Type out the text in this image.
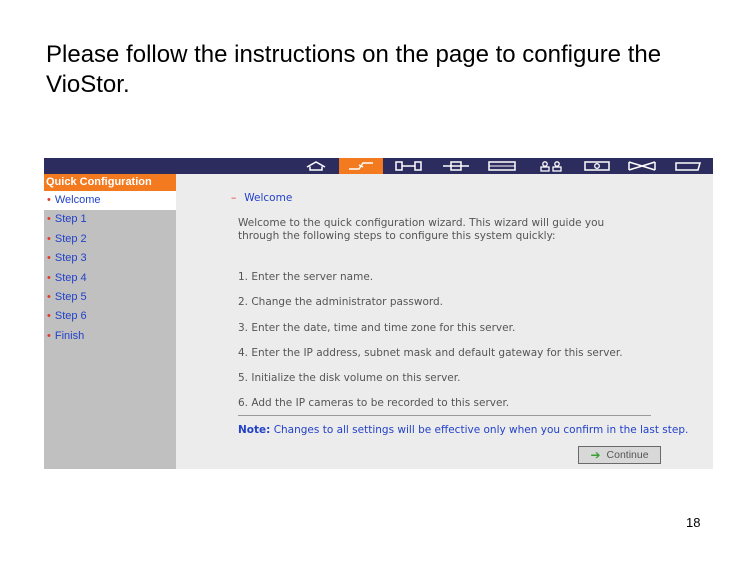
Please follow the instructions on the page to configure the VioStor.
Quick Configuration
• Welcome
• Step 1
• Step 2
• Step 3
• Step 4
• Step 5
• Step 6
• Finish
– Welcome
Welcome to the quick configuration wizard. This wizard will guide you through the following steps to configure this system quickly:
1. Enter the server name.
2. Change the administrator password.
3. Enter the date, time and time zone for this server.
4. Enter the IP address, subnet mask and default gateway for this server.
5. Initialize the disk volume on this server.
6. Add the IP cameras to be recorded to this server.
Note: Changes to all settings will be effective only when you confirm in the last step.
➔ Continue
18
